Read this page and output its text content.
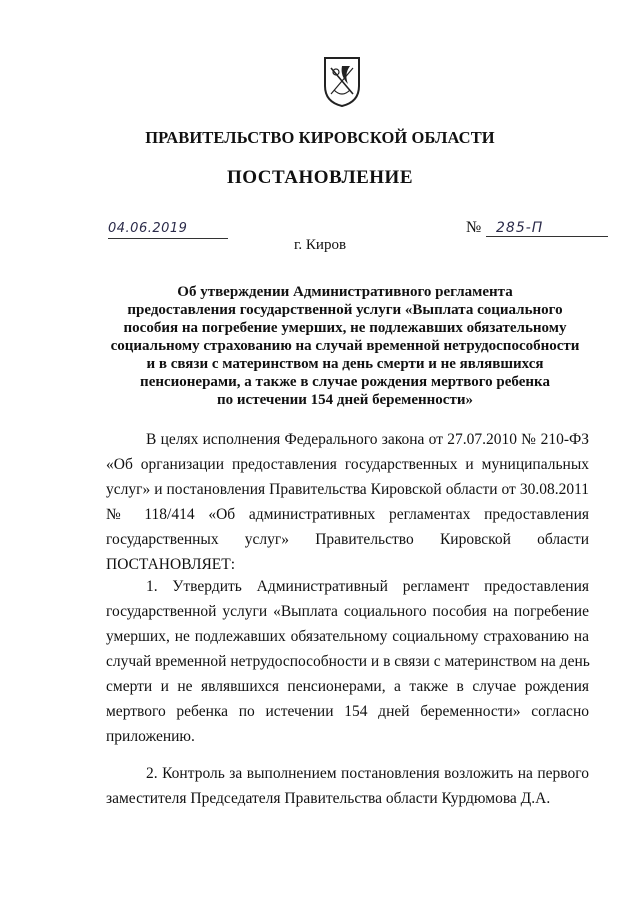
ПРАВИТЕЛЬСТВО КИРОВСКОЙ ОБЛАСТИ
ПОСТАНОВЛЕНИЕ
04.06.2019	№	285-П
г. Киров
Об утверждении Административного регламента
предоставления государственной услуги «Выплата социального
пособия на погребение умерших, не подлежавших обязательному
социальному страхованию на случай временной нетрудоспособности
и в связи с материнством на день смерти и не являвшихся
пенсионерами, а также в случае рождения мертвого ребенка
по истечении 154 дней беременности»
В целях исполнения Федерального закона от 27.07.2010 № 210-ФЗ
«Об организации предоставления государственных и муниципальных
услуг» и постановления Правительства Кировской области от 30.08.2011
№ 118/414 «Об административных регламентах предоставления
государственных услуг» Правительство Кировской области
ПОСТАНОВЛЯЕТ:
1. Утвердить Административный регламент предоставления
государственной услуги «Выплата социального пособия на погребение
умерших, не подлежавших обязательному социальному страхованию на
случай временной нетрудоспособности и в связи с материнством на день
смерти и не являвшихся пенсионерами, а также в случае рождения
мертвого ребенка по истечении 154 дней беременности» согласно
приложению.
2. Контроль за выполнением постановления возложить на первого
заместителя Председателя Правительства области Курдюмова Д.А.
